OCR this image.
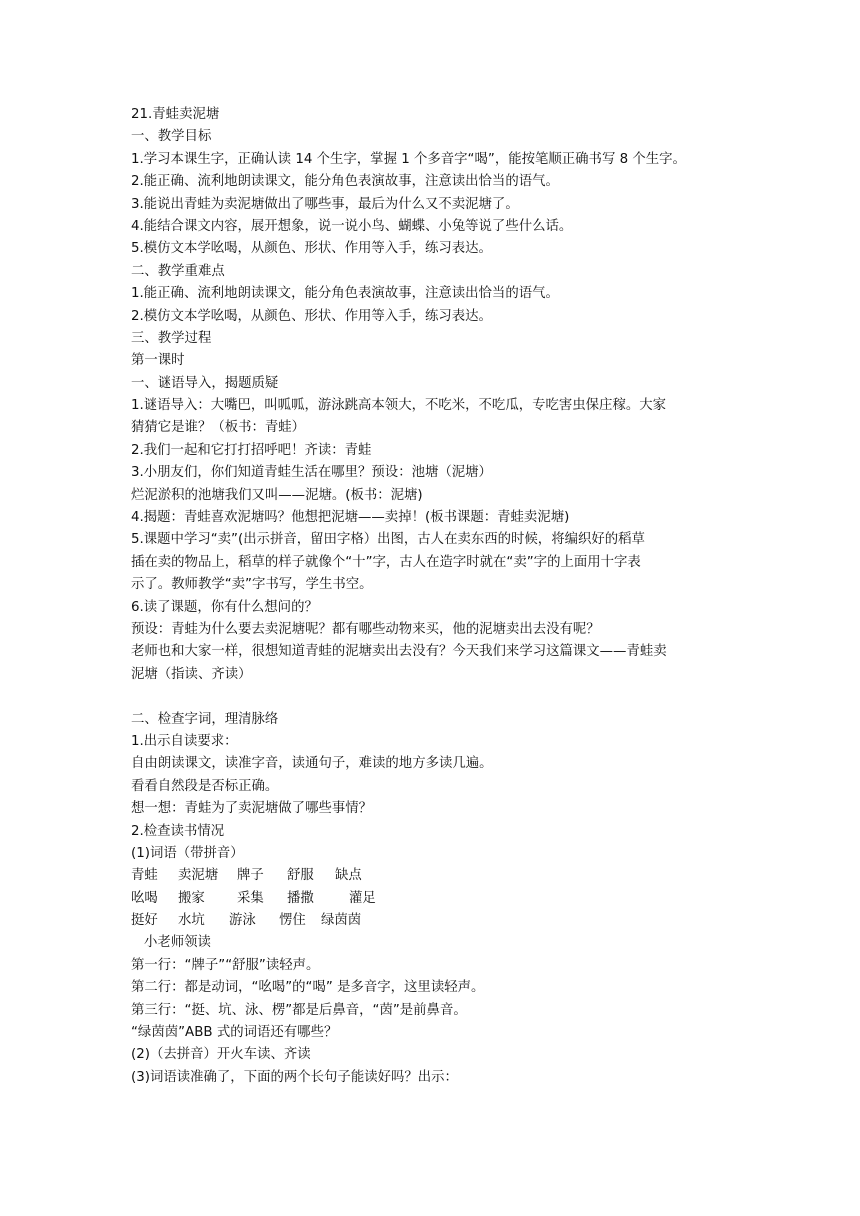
21.青蛙卖泥塘
一、教学目标
1.学习本课生字，正确认读 14 个生字，掌握 1 个多音字“喝”，能按笔顺正确书写 8 个生字。
2.能正确、流利地朗读课文，能分角色表演故事，注意读出恰当的语气。
3.能说出青蛙为卖泥塘做出了哪些事，最后为什么又不卖泥塘了。
4.能结合课文内容，展开想象，说一说小鸟、蝴蝶、小兔等说了些什么话。
5.模仿文本学吆喝，从颜色、形状、作用等入手，练习表达。
二、教学重难点
1.能正确、流利地朗读课文，能分角色表演故事，注意读出恰当的语气。
2.模仿文本学吆喝，从颜色、形状、作用等入手，练习表达。
三、教学过程
第一课时
一、谜语导入，揭题质疑
1.谜语导入：大嘴巴，叫呱呱，游泳跳高本领大，不吃米，不吃瓜，专吃害虫保庄稼。大家
猜猜它是谁？（板书：青蛙）
2.我们一起和它打打招呼吧！齐读：青蛙
3.小朋友们，你们知道青蛙生活在哪里？预设：池塘（泥塘）
烂泥淤积的池塘我们又叫——泥塘。(板书：泥塘)
4.揭题：青蛙喜欢泥塘吗？他想把泥塘——卖掉！(板书课题：青蛙卖泥塘)
5.课题中学习“卖”(出示拼音，留田字格）出图，古人在卖东西的时候，将编织好的稻草
插在卖的物品上，稻草的样子就像个“十”字，古人在造字时就在“卖”字的上面用十字表
示了。教师教学“卖”字书写，学生书空。
6.读了课题，你有什么想问的？
预设：青蛙为什么要去卖泥塘呢？都有哪些动物来买，他的泥塘卖出去没有呢？
老师也和大家一样，很想知道青蛙的泥塘卖出去没有？今天我们来学习这篇课文——青蛙卖
泥塘（指读、齐读）
二、检查字词，理清脉络
1.出示自读要求：
自由朗读课文，读准字音，读通句子，难读的地方多读几遍。
看看自然段是否标正确。
想一想：青蛙为了卖泥塘做了哪些事情？
2.检查读书情况
(1)词语（带拼音）
青蛙 卖泥塘 牌子 舒服 缺点
吆喝 搬家 采集 播撒	灌足
挺好 水坑 游泳 愣住 绿茵茵
小老师领读
第一行：“牌子”“舒服”读轻声。
第二行：都是动词，“吆喝”的“喝” 是多音字，这里读轻声。
第三行：“挺、坑、泳、楞”都是后鼻音，“茵”是前鼻音。
“绿茵茵”ABB 式的词语还有哪些？
(2)（去拼音）开火车读、齐读
(3)词语读准确了，下面的两个长句子能读好吗？出示：
